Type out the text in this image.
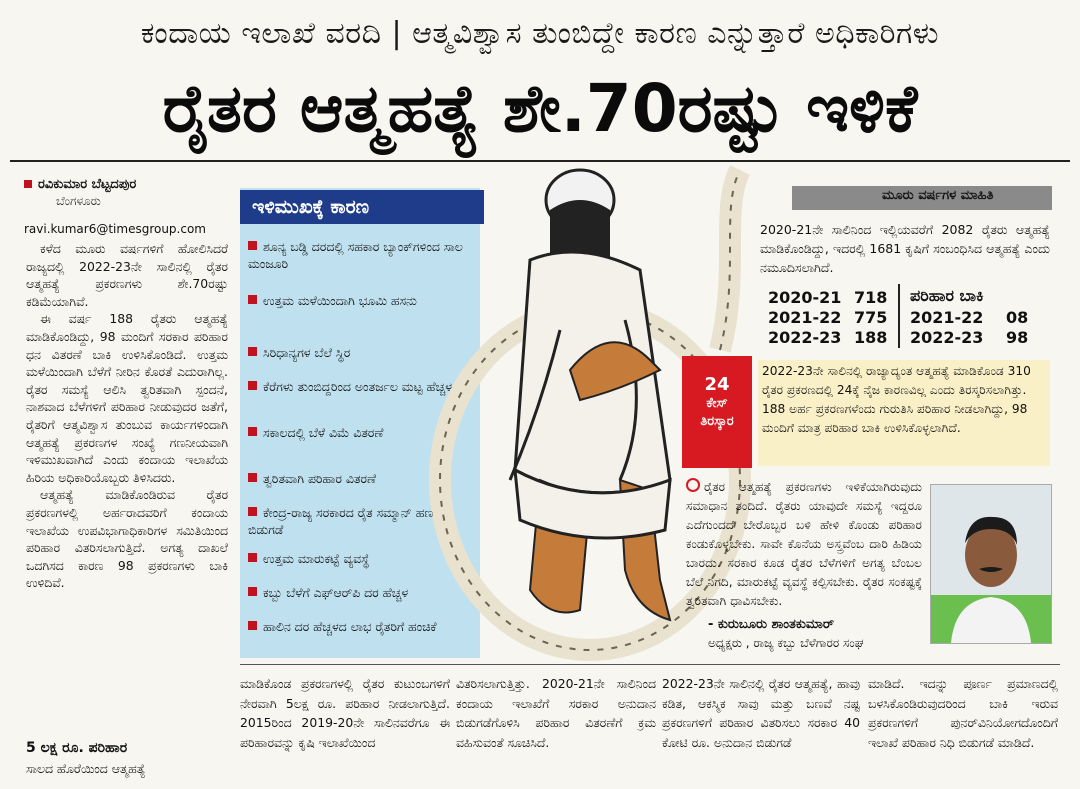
ಕಂದಾಯ ಇಲಾಖೆ ವರದಿ | ಆತ್ಮವಿಶ್ವಾಸ ತುಂಬಿದ್ದೇ ಕಾರಣ ಎನ್ನುತ್ತಾರೆ ಅಧಿಕಾರಿಗಳು
ರೈತರ ಆತ್ಮಹತ್ಯೆ ಶೇ.70ರಷ್ಟು ಇಳಿಕೆ
ರವಿಕುಮಾರ ಬೆಟ್ಟದಪುರ
ಬೆಂಗಳೂರು
ravi.kumar6@timesgroup.com

ಕಳೆದ ಮೂರು ವರ್ಷಗಳಿಗೆ ಹೋಲಿಸಿದರೆ ರಾಜ್ಯದಲ್ಲಿ 2022-23ನೇ ಸಾಲಿನಲ್ಲಿ ರೈತರ ಆತ್ಮಹತ್ಯೆ ಪ್ರಕರಣಗಳು ಶೇ.70ರಷ್ಟು ಕಡಿಮೆಯಾಗಿವೆ.

ಈ ವರ್ಷ 188 ರೈತರು ಆತ್ಮಹತ್ಯೆ ಮಾಡಿಕೊಂಡಿದ್ದು, 98 ಮಂದಿಗೆ ಸರಕಾರ ಪರಿಹಾರ ಧನ ವಿತರಣೆ ಬಾಕಿ ಉಳಿಸಿಕೊಂಡಿದೆ. ಉತ್ತಮ ಮಳೆಯಿಂದಾಗಿ ಬೆಳೆಗೆ ನೀರಿನ ಕೊರತೆ ಎದುರಾಗಿಲ್ಲ. ರೈತರ ಸಮಸ್ಯೆ ಆಲಿಸಿ ತ್ವರಿತವಾಗಿ ಸ್ಪಂದನೆ, ನಾಶವಾದ ಬೆಳೆಗಳಿಗೆ ಪರಿಹಾರ ನೀಡುವುದರ ಜತೆಗೆ, ರೈತರಿಗೆ ಆತ್ಮವಿಶ್ವಾಸ ತುಂಬುವ ಕಾರ್ಯಗಳಿಂದಾಗಿ ಆತ್ಮಹತ್ಯೆ ಪ್ರಕರಣಗಳ ಸಂಖ್ಯೆ ಗಣನೀಯವಾಗಿ ಇಳಿಮುಖವಾಗಿದೆ ಎಂದು ಕಂದಾಯ ಇಲಾಖೆಯ ಹಿರಿಯ ಅಧಿಕಾರಿಯೊಬ್ಬರು ತಿಳಿಸಿದರು.

ಆತ್ಮಹತ್ಯೆ ಮಾಡಿಕೊಂಡಿರುವ ರೈತರ ಪ್ರಕರಣಗಳಲ್ಲಿ ಅರ್ಹರಾದವರಿಗೆ ಕಂದಾಯ ಇಲಾಖೆಯ ಉಪವಿಭಾಗಾಧಿಕಾರಿಗಳ ಸಮಿತಿಯಿಂದ ಪರಿಹಾರ ವಿತರಿಸಲಾಗುತ್ತಿದೆ. ಅಗತ್ಯ ದಾಖಲೆ ಒದಗಿಸದ ಕಾರಣ 98 ಪ್ರಕರಣಗಳು ಬಾಕಿ ಉಳಿದಿವೆ.

5 ಲಕ್ಷ ರೂ. ಪರಿಹಾರ
ಸಾಲದ ಹೊರೆಯಿಂದ ಆತ್ಮಹತ್ಯೆ
ಇಳಿಮುಖಕ್ಕೆ ಕಾರಣ
ಶೂನ್ಯ ಬಡ್ಡಿ ದರದಲ್ಲಿ ಸಹಕಾರ ಬ್ಯಾಂಕ್‌ಗಳಿಂದ ಸಾಲ ಮಂಜೂರಿ
ಉತ್ತಮ ಮಳೆಯಿಂದಾಗಿ ಭೂಮಿ ಹಸನು
ಸಿರಿಧಾನ್ಯಗಳ ಬೆಲೆ ಸ್ಥಿರ
ಕೆರೆಗಳು ತುಂಬಿದ್ದರಿಂದ ಅಂತರ್ಜಲ ಮಟ್ಟ ಹೆಚ್ಚಳ
ಸಕಾಲದಲ್ಲಿ ಬೆಳೆ ವಿಮೆ ವಿತರಣೆ
ತ್ವರಿತವಾಗಿ ಪರಿಹಾರ ವಿತರಣೆ
ಕೇಂದ್ರ-ರಾಜ್ಯ ಸರಕಾರದ ರೈತ ಸಮ್ಮಾನ್ ಹಣ ಬಿಡುಗಡೆ
ಉತ್ತಮ ಮಾರುಕಟ್ಟೆ ವ್ಯವಸ್ಥೆ
ಕಬ್ಬು ಬೆಳೆಗೆ ಎಫ್‌ಆರ್‌ಪಿ ದರ ಹೆಚ್ಚಳ
ಹಾಲಿನ ದರ ಹೆಚ್ಚಳದ ಲಾಭ ರೈತರಿಗೆ ಹಂಚಿಕೆ
ಮೂರು ವರ್ಷಗಳ ಮಾಹಿತಿ
2020-21ನೇ ಸಾಲಿನಿಂದ ಇಲ್ಲಿಯವರೆಗೆ 2082 ರೈತರು ಆತ್ಮಹತ್ಯೆ ಮಾಡಿಕೊಂಡಿದ್ದು, ಇದರಲ್ಲಿ 1681 ಕೃಷಿಗೆ ಸಂಬಂಧಿಸಿದ ಆತ್ಮಹತ್ಯೆ ಎಂದು ನಮೂದಿಸಲಾಗಿದೆ.
2020-21 718
2021-22 775
2022-23 188
ಪರಿಹಾರ ಬಾಕಿ
2021-22 08
2022-23 98
24
ಕೇಸ್
ತಿರಸ್ಕಾರ
2022-23ನೇ ಸಾಲಿನಲ್ಲಿ ರಾಜ್ಯಾದ್ಯಂತ ಆತ್ಮಹತ್ಯೆ ಮಾಡಿಕೊಂಡ 310 ರೈತರ ಪ್ರಕರಣದಲ್ಲಿ 24ಕ್ಕೆ ನೈಜ ಕಾರಣವಿಲ್ಲ ಎಂದು ತಿರಸ್ಕರಿಸಲಾಗಿತ್ತು. 188 ಅರ್ಹ ಪ್ರಕರಣಗಳೆಂದು ಗುರುತಿಸಿ ಪರಿಹಾರ ನೀಡಲಾಗಿದ್ದು, 98 ಮಂದಿಗೆ ಮಾತ್ರ ಪರಿಹಾರ ಬಾಕಿ ಉಳಿಸಿಕೊಳ್ಳಲಾಗಿದೆ.
ರೈತರ ಆತ್ಮಹತ್ಯೆ ಪ್ರಕರಣಗಳು ಇಳಿಕೆಯಾಗಿರುವುದು ಸಮಾಧಾನ ತಂದಿದೆ. ರೈತರು ಯಾವುದೇ ಸಮಸ್ಯೆ ಇದ್ದರೂ ಎದೆಗುಂದದೆ ಬೇರೊಬ್ಬರ ಬಳಿ ಹೇಳಿ ಕೊಂಡು ಪರಿಹಾರ ಕಂಡುಕೊಳ್ಳಬೇಕು. ಸಾವೇ ಕೊನೆಯ ಅಸ್ತ್ರವೆಂಬ ದಾರಿ ಹಿಡಿಯ ಬಾರದು. ಸರಕಾರ ಕೂಡ ರೈತರ ಬೆಳೆಗಳಿಗೆ ಅಗತ್ಯ ಬೆಂಬಲ ಬೆಲೆ ನಿಗದಿ, ಮಾರುಕಟ್ಟೆ ವ್ಯವಸ್ಥೆ ಕಲ್ಪಿಸಬೇಕು. ರೈತರ ಸಂಕಷ್ಟಕ್ಕೆ ತ್ವರಿತವಾಗಿ ಧಾವಿಸಬೇಕು.
- ಕುರುಬೂರು ಶಾಂತಕುಮಾರ್
ಅಧ್ಯಕ್ಷರು , ರಾಜ್ಯ ಕಬ್ಬು ಬೆಳೆಗಾರರ ಸಂಘ
ಮಾಡಿಕೊಂಡ ಪ್ರಕರಣಗಳಲ್ಲಿ ರೈತರ ಕುಟುಂಬಗಳಿಗೆ ನೇರವಾಗಿ 5ಲಕ್ಷ ರೂ. ಪರಿಹಾರ ನೀಡಲಾಗುತ್ತಿದೆ. 2015ರಿಂದ 2019-20ನೇ ಸಾಲಿನವರೆಗೂ ಈ ಪರಿಹಾರವನ್ನು ಕೃಷಿ ಇಲಾಖೆಯಿಂದ
ವಿತರಿಸಲಾಗುತ್ತಿತ್ತು. 2020-21ನೇ ಸಾಲಿನಿಂದ ಕಂದಾಯ ಇಲಾಖೆಗೆ ಸರಕಾರ ಅನುದಾನ ಬಿಡುಗಡೆಗೊಳಿಸಿ ಪರಿಹಾರ ವಿತರಣೆಗೆ ಕ್ರಮ ವಹಿಸುವಂತೆ ಸೂಚಿಸಿದೆ.
2022-23ನೇ ಸಾಲಿನಲ್ಲಿ ರೈತರ ಆತ್ಮಹತ್ಯೆ, ಹಾವು ಕಡಿತ, ಆಕಸ್ಮಿಕ ಸಾವು ಮತ್ತು ಬಣವೆ ನಷ್ಟ ಪ್ರಕರಣಗಳಿಗೆ ಪರಿಹಾರ ವಿತರಿಸಲು ಸರಕಾರ 40 ಕೋಟಿ ರೂ. ಅನುದಾನ ಬಿಡುಗಡೆ
ಮಾಡಿದೆ. ಇದನ್ನು ಪೂರ್ಣ ಪ್ರಮಾಣದಲ್ಲಿ ಬಳಸಿಕೊಂಡಿರುವುದರಿಂದ ಬಾಕಿ ಇರುವ ಪ್ರಕರಣಗಳಿಗೆ ಪುನರ್‌ವಿನಿಯೋಗದೊಂದಿಗೆ ಇಲಾಖೆ ಪರಿಹಾರ ನಿಧಿ ಬಿಡುಗಡೆ ಮಾಡಿದೆ.
